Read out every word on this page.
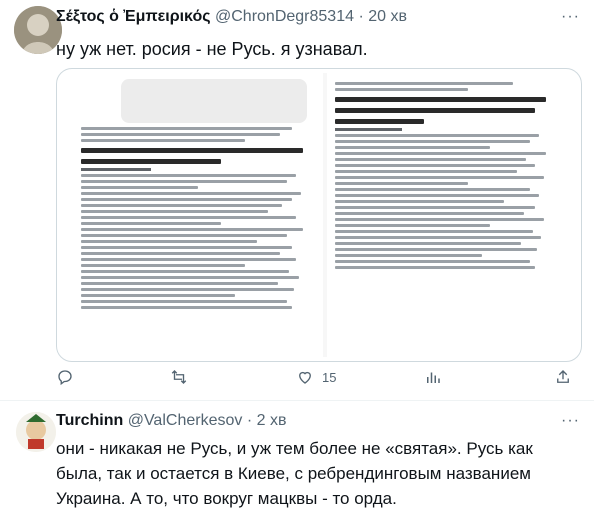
Σέξτος ὁ Ἐμπειρικός @ChronDegr85314 · 20 хв	···
ну уж нет. росия - не Русь. я узнавал.
15
Turchinn @ValCherkesov · 2 хв	···
они - никакая не Русь, и уж тем более не «святая». Русь как была, так и остается в Киеве, с ребрендинговым названием Украина. А то, что вокруг мацквы - то орда.
